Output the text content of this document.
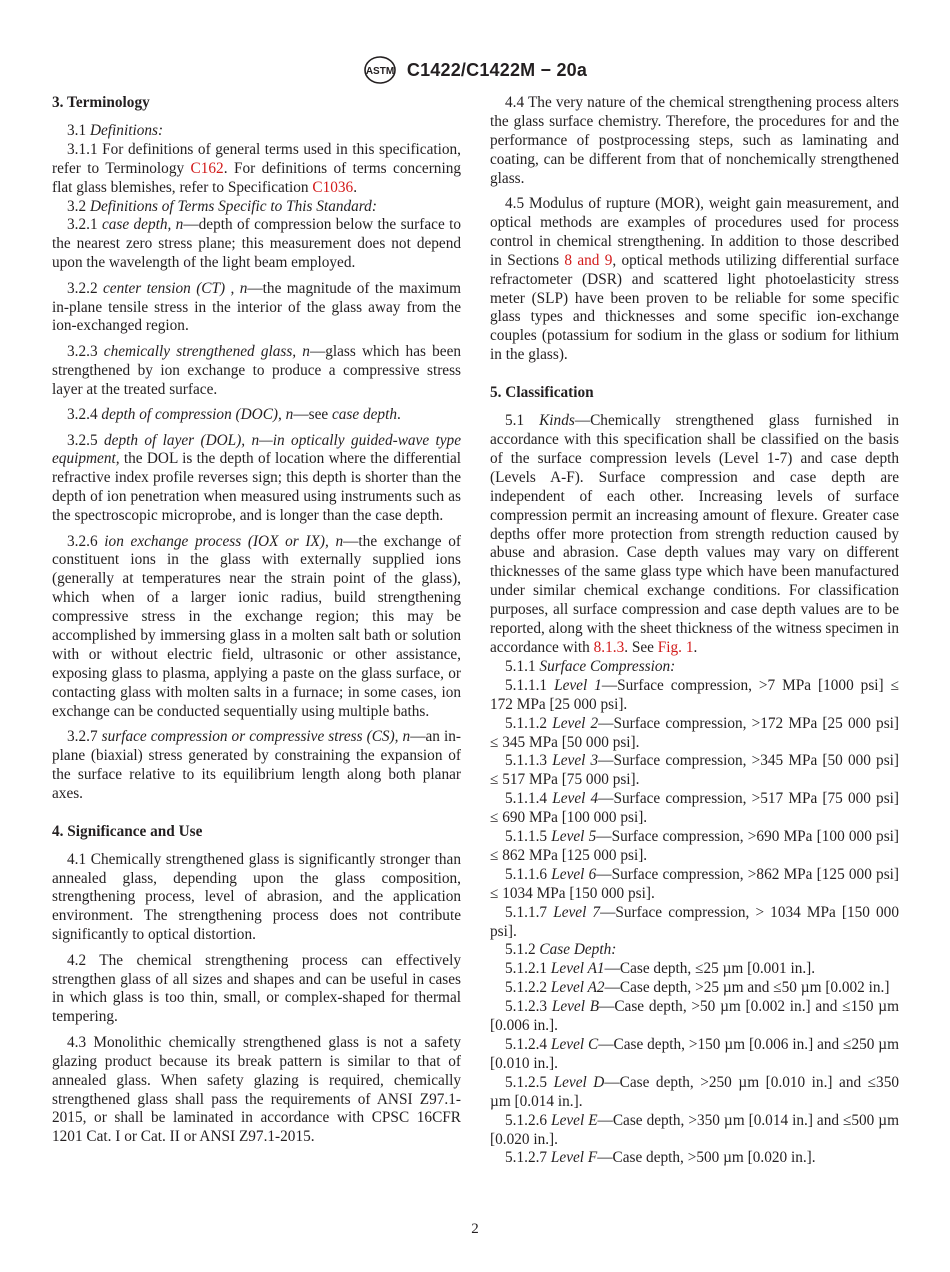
ASTM C1422/C1422M − 20a

3. Terminology

3.1 Definitions:

3.1.1 For definitions of general terms used in this specification, refer to Terminology C162. For definitions of terms concerning flat glass blemishes, refer to Specification C1036.

3.2 Definitions of Terms Specific to This Standard:

3.2.1 case depth, n—depth of compression below the surface to the nearest zero stress plane; this measurement does not depend upon the wavelength of the light beam employed.

3.2.2 center tension (CT) , n—the magnitude of the maximum in-plane tensile stress in the interior of the glass away from the ion-exchanged region.

3.2.3 chemically strengthened glass, n—glass which has been strengthened by ion exchange to produce a compressive stress layer at the treated surface.

3.2.4 depth of compression (DOC), n—see case depth.

3.2.5 depth of layer (DOL), n—in optically guided-wave type equipment, the DOL is the depth of location where the differential refractive index profile reverses sign; this depth is shorter than the depth of ion penetration when measured using instruments such as the spectroscopic microprobe, and is longer than the case depth.

3.2.6 ion exchange process (IOX or IX), n—the exchange of constituent ions in the glass with externally supplied ions (generally at temperatures near the strain point of the glass), which when of a larger ionic radius, build strengthening compressive stress in the exchange region; this may be accomplished by immersing glass in a molten salt bath or solution with or without electric field, ultrasonic or other assistance, exposing glass to plasma, applying a paste on the glass surface, or contacting glass with molten salts in a furnace; in some cases, ion exchange can be conducted sequentially using multiple baths.

3.2.7 surface compression or compressive stress (CS), n—an in-plane (biaxial) stress generated by constraining the expansion of the surface relative to its equilibrium length along both planar axes.

4. Significance and Use

4.1 Chemically strengthened glass is significantly stronger than annealed glass, depending upon the glass composition, strengthening process, level of abrasion, and the application environment. The strengthening process does not contribute significantly to optical distortion.

4.2 The chemical strengthening process can effectively strengthen glass of all sizes and shapes and can be useful in cases in which glass is too thin, small, or complex-shaped for thermal tempering.

4.3 Monolithic chemically strengthened glass is not a safety glazing product because its break pattern is similar to that of annealed glass. When safety glazing is required, chemically strengthened glass shall pass the requirements of ANSI Z97.1-2015, or shall be laminated in accordance with CPSC 16CFR 1201 Cat. I or Cat. II or ANSI Z97.1-2015.

4.4 The very nature of the chemical strengthening process alters the glass surface chemistry. Therefore, the procedures for and the performance of postprocessing steps, such as laminating and coating, can be different from that of nonchemically strengthened glass.

4.5 Modulus of rupture (MOR), weight gain measurement, and optical methods are examples of procedures used for process control in chemical strengthening. In addition to those described in Sections 8 and 9, optical methods utilizing differential surface refractometer (DSR) and scattered light photoelasticity stress meter (SLP) have been proven to be reliable for some specific glass types and thicknesses and some specific ion-exchange couples (potassium for sodium in the glass or sodium for lithium in the glass).

5. Classification

5.1 Kinds—Chemically strengthened glass furnished in accordance with this specification shall be classified on the basis of the surface compression levels (Level 1-7) and case depth (Levels A-F). Surface compression and case depth are independent of each other. Increasing levels of surface compression permit an increasing amount of flexure. Greater case depths offer more protection from strength reduction caused by abuse and abrasion. Case depth values may vary on different thicknesses of the same glass type which have been manufactured under similar chemical exchange conditions. For classification purposes, all surface compression and case depth values are to be reported, along with the sheet thickness of the witness specimen in accordance with 8.1.3. See Fig. 1.

5.1.1 Surface Compression:

5.1.1.1 Level 1—Surface compression, >7 MPa [1000 psi] ≤ 172 MPa [25 000 psi].

5.1.1.2 Level 2—Surface compression, >172 MPa [25 000 psi] ≤ 345 MPa [50 000 psi].

5.1.1.3 Level 3—Surface compression, >345 MPa [50 000 psi] ≤ 517 MPa [75 000 psi].

5.1.1.4 Level 4—Surface compression, >517 MPa [75 000 psi] ≤ 690 MPa [100 000 psi].

5.1.1.5 Level 5—Surface compression, >690 MPa [100 000 psi] ≤ 862 MPa [125 000 psi].

5.1.1.6 Level 6—Surface compression, >862 MPa [125 000 psi] ≤ 1034 MPa [150 000 psi].

5.1.1.7 Level 7—Surface compression, > 1034 MPa [150 000 psi].

5.1.2 Case Depth:

5.1.2.1 Level A1—Case depth, ≤25 µm [0.001 in.].

5.1.2.2 Level A2—Case depth, >25 µm and ≤50 µm [0.002 in.]

5.1.2.3 Level B—Case depth, >50 µm [0.002 in.] and ≤150 µm [0.006 in.].

5.1.2.4 Level C—Case depth, >150 µm [0.006 in.] and ≤250 µm [0.010 in.].

5.1.2.5 Level D—Case depth, >250 µm [0.010 in.] and ≤350 µm [0.014 in.].

5.1.2.6 Level E—Case depth, >350 µm [0.014 in.] and ≤500 µm [0.020 in.].

5.1.2.7 Level F—Case depth, >500 µm [0.020 in.].

2
